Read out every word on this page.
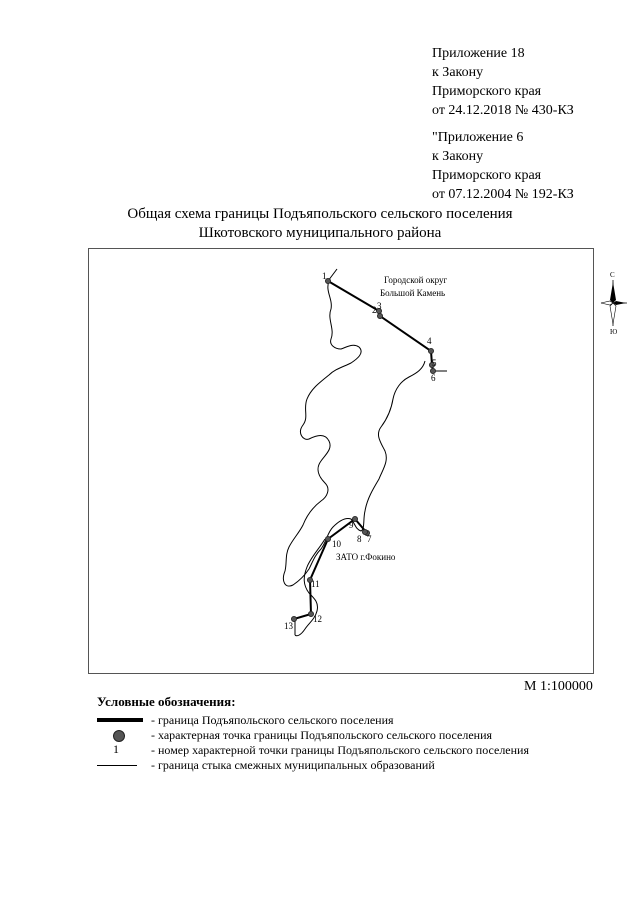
Приложение 18
к Закону
Приморского края
от 24.12.2018 № 430-КЗ
"Приложение 6
к Закону
Приморского края
от 07.12.2004 № 192-КЗ
Общая схема границы Подъяпольского сельского поселения
Шкотовского муниципального района
1
2 3
4
5
6
7
8
9
10
11
12
13
Городской округ
Большой Камень
ЗАТО г.Фокино
С
Ю
М 1:100000
Условные обозначения:
- граница Подъяпольского сельского поселения
- характерная точка границы Подъяпольского сельского поселения
1	- номер характерной точки границы Подъяпольского сельского поселения
- граница стыка смежных муниципальных образований
